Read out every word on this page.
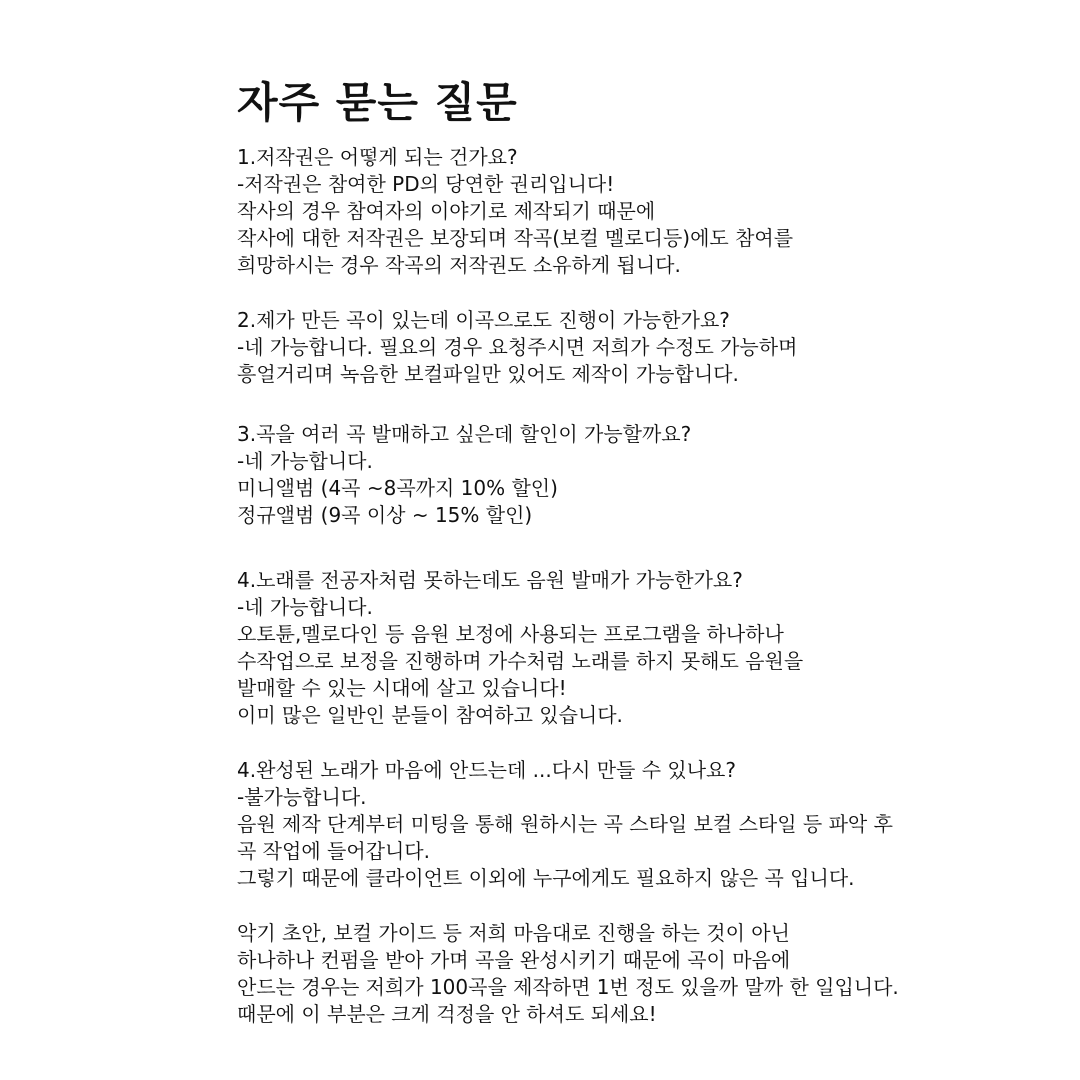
자주 묻는 질문
1.저작권은 어떻게 되는 건가요?
-저작권은 참여한 PD의 당연한 권리입니다!
작사의 경우 참여자의 이야기로 제작되기 때문에
작사에 대한 저작권은 보장되며 작곡(보컬 멜로디등)에도 참여를
희망하시는 경우 작곡의 저작권도 소유하게 됩니다.
2.제가 만든 곡이 있는데 이곡으로도 진행이 가능한가요?
-네 가능합니다. 필요의 경우 요청주시면 저희가 수정도 가능하며
흥얼거리며 녹음한 보컬파일만 있어도 제작이 가능합니다.
3.곡을 여러 곡 발매하고 싶은데 할인이 가능할까요?
-네 가능합니다.
미니앨범 (4곡 ~8곡까지 10% 할인)
정규앨범 (9곡 이상 ~ 15% 할인)
4.노래를 전공자처럼 못하는데도 음원 발매가 가능한가요?
-네 가능합니다.
오토튠,멜로다인 등 음원 보정에 사용되는 프로그램을 하나하나
수작업으로 보정을 진행하며 가수처럼 노래를 하지 못해도 음원을
발매할 수 있는 시대에 살고 있습니다!
이미 많은 일반인 분들이 참여하고 있습니다.
4.완성된 노래가 마음에 안드는데 ...다시 만들 수 있나요?
-불가능합니다.
음원 제작 단계부터 미팅을 통해 원하시는 곡 스타일 보컬 스타일 등 파악 후
곡 작업에 들어갑니다.
그렇기 때문에 클라이언트 이외에 누구에게도 필요하지 않은 곡 입니다.
악기 초안, 보컬 가이드 등 저희 마음대로 진행을 하는 것이 아닌
하나하나 컨펌을 받아 가며 곡을 완성시키기 때문에 곡이 마음에
안드는 경우는 저희가 100곡을 제작하면 1번 정도 있을까 말까 한 일입니다.
때문에 이 부분은 크게 걱정을 안 하셔도 되세요!
